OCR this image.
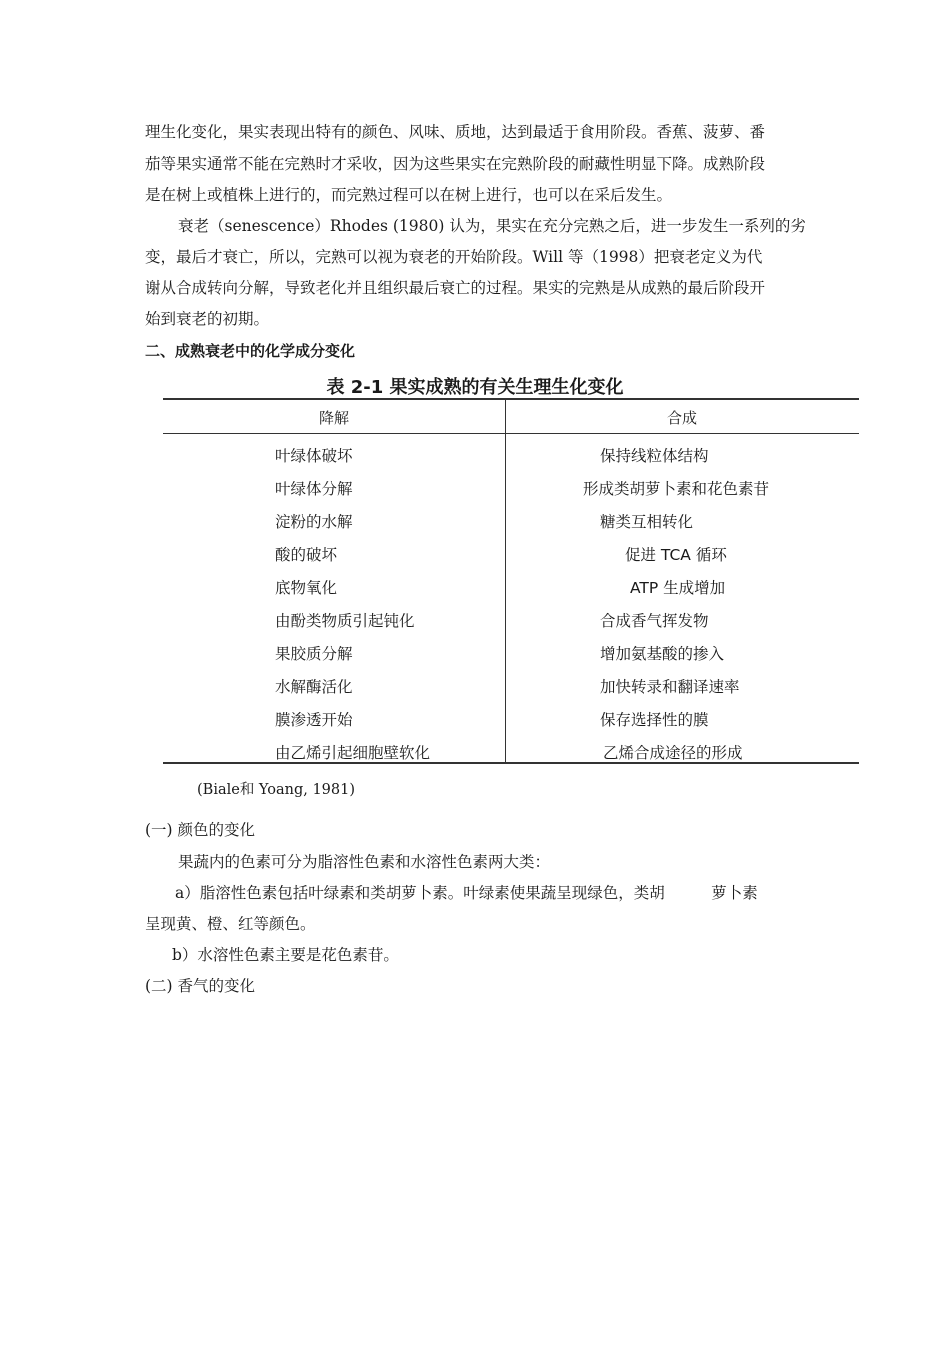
理生化变化，果实表现出特有的颜色、风味、质地，达到最适于食用阶段。香蕉、菠萝、番
茄等果实通常不能在完熟时才采收，因为这些果实在完熟阶段的耐藏性明显下降。成熟阶段
是在树上或植株上进行的，而完熟过程可以在树上进行，也可以在采后发生。
衰老（senescence）Rhodes (1980) 认为，果实在充分完熟之后，进一步发生一系列的劣
变，最后才衰亡，所以，完熟可以视为衰老的开始阶段。Will 等（1998）把衰老定义为代
谢从合成转向分解，导致老化并且组织最后衰亡的过程。果实的完熟是从成熟的最后阶段开
始到衰老的初期。
二、成熟衰老中的化学成分变化
表 2-1 果实成熟的有关生理生化变化
降解	合成
叶绿体破坏
叶绿体分解
淀粉的水解
酸的破坏
底物氧化
由酚类物质引起钝化
果胶质分解
水解酶活化
膜渗透开始
由乙烯引起细胞壁软化
保持线粒体结构
形成类胡萝卜素和花色素苷
糖类互相转化
促进 TCA 循环
ATP 生成增加
合成香气挥发物
增加氨基酸的掺入
加快转录和翻译速率
保存选择性的膜
乙烯合成途径的形成
(Biale和 Yoang, 1981)
(一) 颜色的变化
果蔬内的色素可分为脂溶性色素和水溶性色素两大类：
a）脂溶性色素包括叶绿素和类胡萝卜素。叶绿素使果蔬呈现绿色，类胡　　　萝卜素
呈现黄、橙、红等颜色。
b）水溶性色素主要是花色素苷。
(二) 香气的变化
